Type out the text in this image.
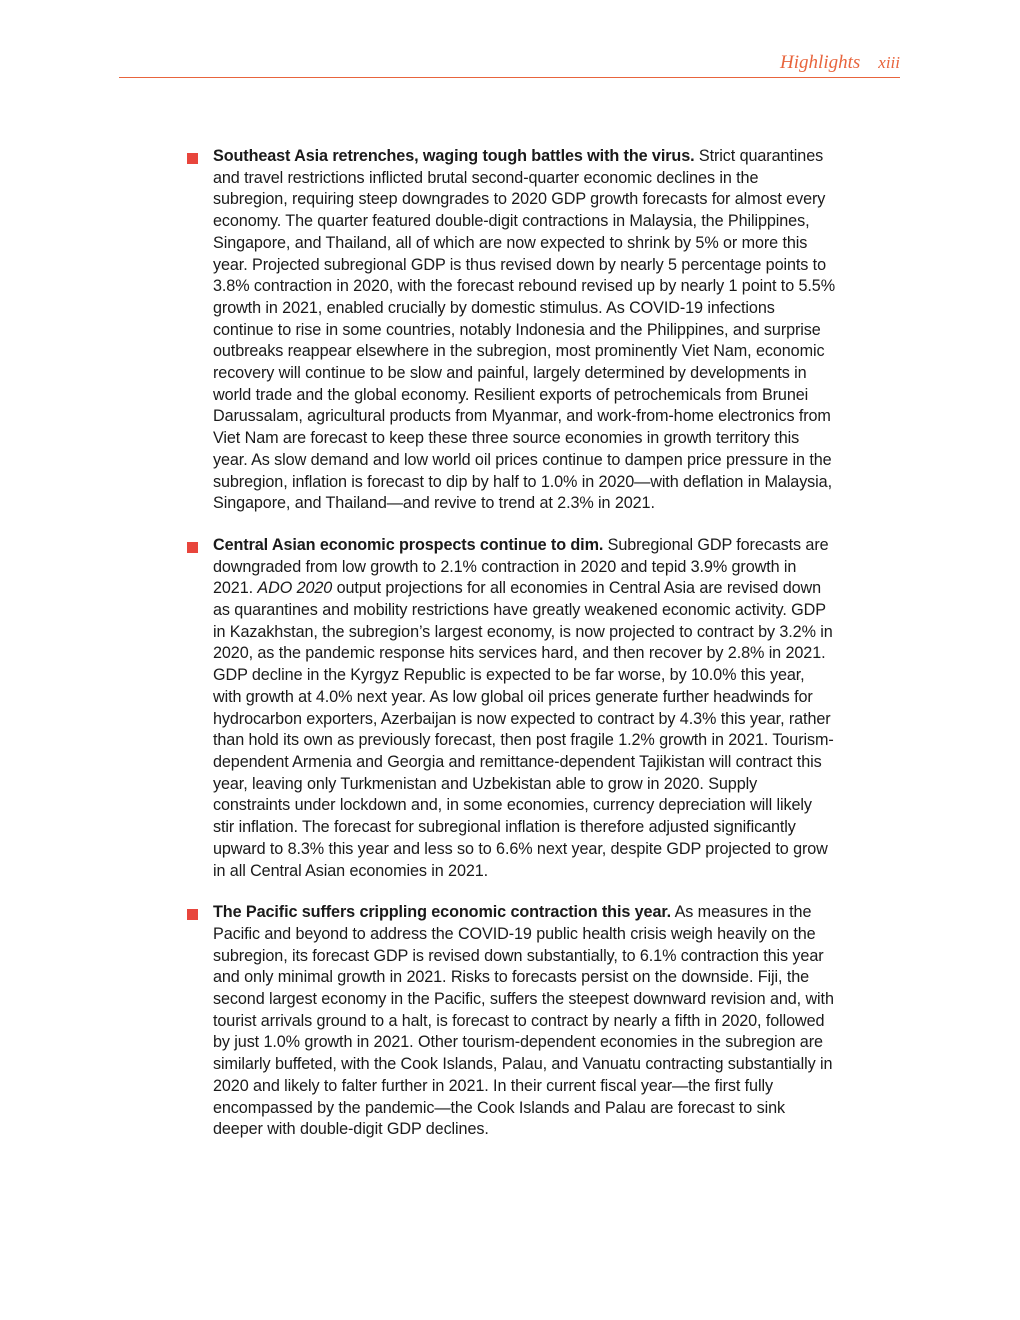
Highlights xiii

Southeast Asia retrenches, waging tough battles with the virus. Strict quarantines and travel restrictions inflicted brutal second-quarter economic declines in the subregion, requiring steep downgrades to 2020 GDP growth forecasts for almost every economy. The quarter featured double-digit contractions in Malaysia, the Philippines, Singapore, and Thailand, all of which are now expected to shrink by 5% or more this year. Projected subregional GDP is thus revised down by nearly 5 percentage points to 3.8% contraction in 2020, with the forecast rebound revised up by nearly 1 point to 5.5% growth in 2021, enabled crucially by domestic stimulus. As COVID-19 infections continue to rise in some countries, notably Indonesia and the Philippines, and surprise outbreaks reappear elsewhere in the subregion, most prominently Viet Nam, economic recovery will continue to be slow and painful, largely determined by developments in world trade and the global economy. Resilient exports of petrochemicals from Brunei Darussalam, agricultural products from Myanmar, and work-from-home electronics from Viet Nam are forecast to keep these three source economies in growth territory this year. As slow demand and low world oil prices continue to dampen price pressure in the subregion, inflation is forecast to dip by half to 1.0% in 2020—with deflation in Malaysia, Singapore, and Thailand—and revive to trend at 2.3% in 2021.

Central Asian economic prospects continue to dim. Subregional GDP forecasts are downgraded from low growth to 2.1% contraction in 2020 and tepid 3.9% growth in 2021. ADO 2020 output projections for all economies in Central Asia are revised down as quarantines and mobility restrictions have greatly weakened economic activity. GDP in Kazakhstan, the subregion’s largest economy, is now projected to contract by 3.2% in 2020, as the pandemic response hits services hard, and then recover by 2.8% in 2021. GDP decline in the Kyrgyz Republic is expected to be far worse, by 10.0% this year, with growth at 4.0% next year. As low global oil prices generate further headwinds for hydrocarbon exporters, Azerbaijan is now expected to contract by 4.3% this year, rather than hold its own as previously forecast, then post fragile 1.2% growth in 2021. Tourism-dependent Armenia and Georgia and remittance-dependent Tajikistan will contract this year, leaving only Turkmenistan and Uzbekistan able to grow in 2020. Supply constraints under lockdown and, in some economies, currency depreciation will likely stir inflation. The forecast for subregional inflation is therefore adjusted significantly upward to 8.3% this year and less so to 6.6% next year, despite GDP projected to grow in all Central Asian economies in 2021.

The Pacific suffers crippling economic contraction this year. As measures in the Pacific and beyond to address the COVID-19 public health crisis weigh heavily on the subregion, its forecast GDP is revised down substantially, to 6.1% contraction this year and only minimal growth in 2021. Risks to forecasts persist on the downside. Fiji, the second largest economy in the Pacific, suffers the steepest downward revision and, with tourist arrivals ground to a halt, is forecast to contract by nearly a fifth in 2020, followed by just 1.0% growth in 2021. Other tourism-dependent economies in the subregion are similarly buffeted, with the Cook Islands, Palau, and Vanuatu contracting substantially in 2020 and likely to falter further in 2021. In their current fiscal year—the first fully encompassed by the pandemic—the Cook Islands and Palau are forecast to sink deeper with double-digit GDP declines.
